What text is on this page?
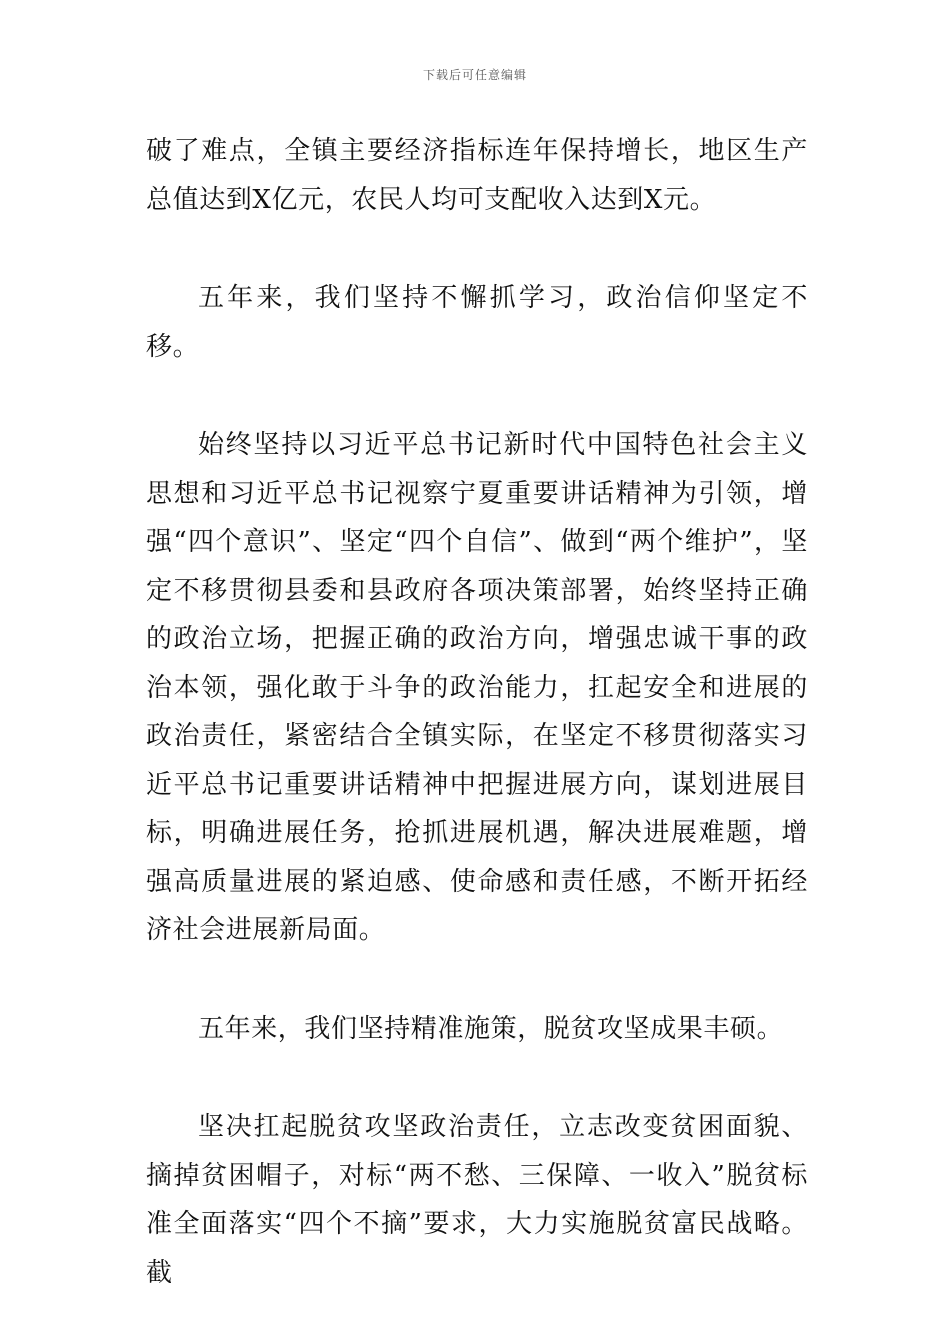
下载后可任意编辑

破了难点，全镇主要经济指标连年保持增长，地区生产总值达到Ⅹ亿元，农民人均可支配收入达到Ⅹ元。

五年来，我们坚持不懈抓学习，政治信仰坚定不移。

始终坚持以习近平总书记新时代中国特色社会主义思想和习近平总书记视察宁夏重要讲话精神为引领，增强“四个意识”、坚定“四个自信”、做到“两个维护”，坚定不移贯彻县委和县政府各项决策部署，始终坚持正确的政治立场，把握正确的政治方向，增强忠诚干事的政治本领，强化敢于斗争的政治能力，扛起安全和进展的政治责任，紧密结合全镇实际，在坚定不移贯彻落实习近平总书记重要讲话精神中把握进展方向，谋划进展目标，明确进展任务，抢抓进展机遇，解决进展难题，增强高质量进展的紧迫感、使命感和责任感，不断开拓经济社会进展新局面。

五年来，我们坚持精准施策，脱贫攻坚成果丰硕。

坚决扛起脱贫攻坚政治责任，立志改变贫困面貌、摘掉贫困帽子，对标“两不愁、三保障、一收入”脱贫标准全面落实“四个不摘”要求，大力实施脱贫富民战略。截
